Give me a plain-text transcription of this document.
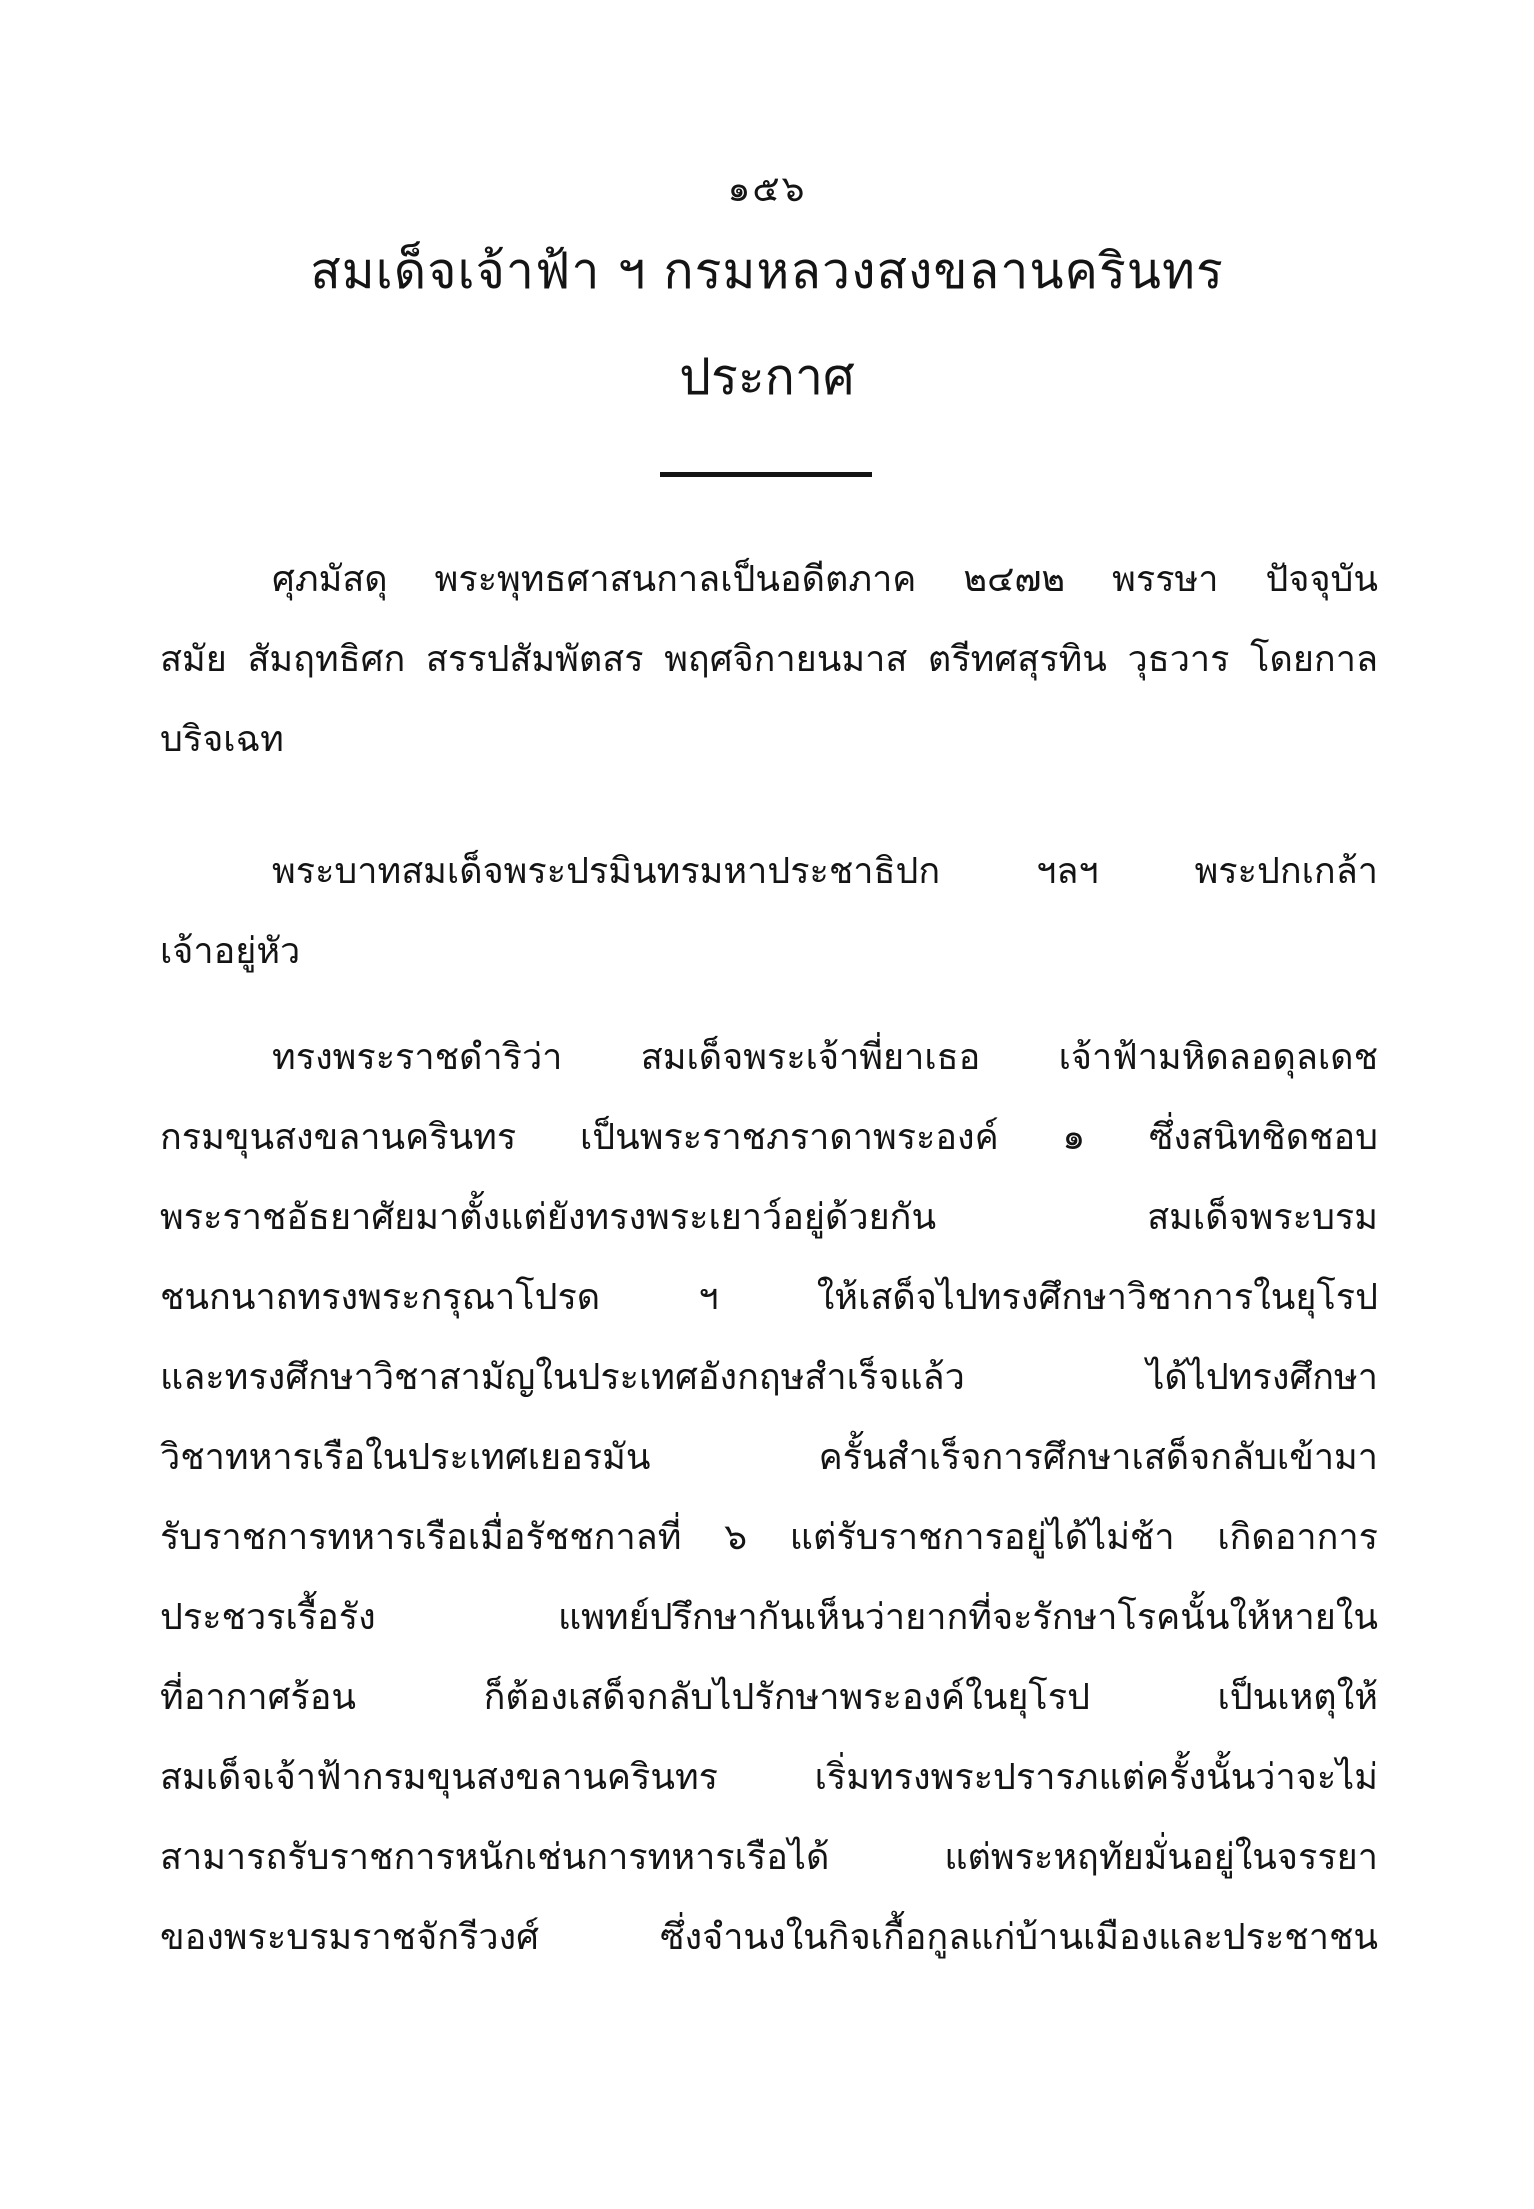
๑๕๖
สมเด็จเจ้าฟ้า ฯ กรมหลวงสงขลานครินทร
ประกาศ
ศุภมัสดุ พระพุทธศาสนกาลเป็นอดีตภาค ๒๔๗๒ พรรษา ปัจจุบัน
สมัย สัมฤทธิศก สรรปสัมพัตสร พฤศจิกายนมาส ตรีทศสุรทิน วุธวาร โดยกาล
บริจเฉท
พระบาทสมเด็จพระปรมินทรมหาประชาธิปก ฯลฯ พระปกเกล้า
เจ้าอยู่หัว
ทรงพระราชดำริว่า สมเด็จพระเจ้าพี่ยาเธอ เจ้าฟ้ามหิดลอดุลเดช
กรมขุนสงขลานครินทร เป็นพระราชภราดาพระองค์ ๑ ซึ่งสนิทชิดชอบ
พระราชอัธยาศัยมาตั้งแต่ยังทรงพระเยาว์อยู่ด้วยกัน สมเด็จพระบรม
ชนกนาถทรงพระกรุณาโปรด ฯ ให้เสด็จไปทรงศึกษาวิชาการในยุโรป
และทรงศึกษาวิชาสามัญในประเทศอังกฤษสำเร็จแล้ว ได้ไปทรงศึกษา
วิชาทหารเรือในประเทศเยอรมัน ครั้นสำเร็จการศึกษาเสด็จกลับเข้ามา
รับราชการทหารเรือเมื่อรัชชกาลที่ ๖ แต่รับราชการอยู่ได้ไม่ช้า เกิดอาการ
ประชวรเรื้อรัง แพทย์ปรึกษากันเห็นว่ายากที่จะรักษาโรคนั้นให้หายใน
ที่อากาศร้อน ก็ต้องเสด็จกลับไปรักษาพระองค์ในยุโรป เป็นเหตุให้
สมเด็จเจ้าฟ้ากรมขุนสงขลานครินทร เริ่มทรงพระปรารภแต่ครั้งนั้นว่าจะไม่
สามารถรับราชการหนักเช่นการทหารเรือได้ แต่พระหฤทัยมั่นอยู่ในจรรยา
ของพระบรมราชจักรีวงศ์ ซึ่งจำนงในกิจเกื้อกูลแก่บ้านเมืองและประชาชน
